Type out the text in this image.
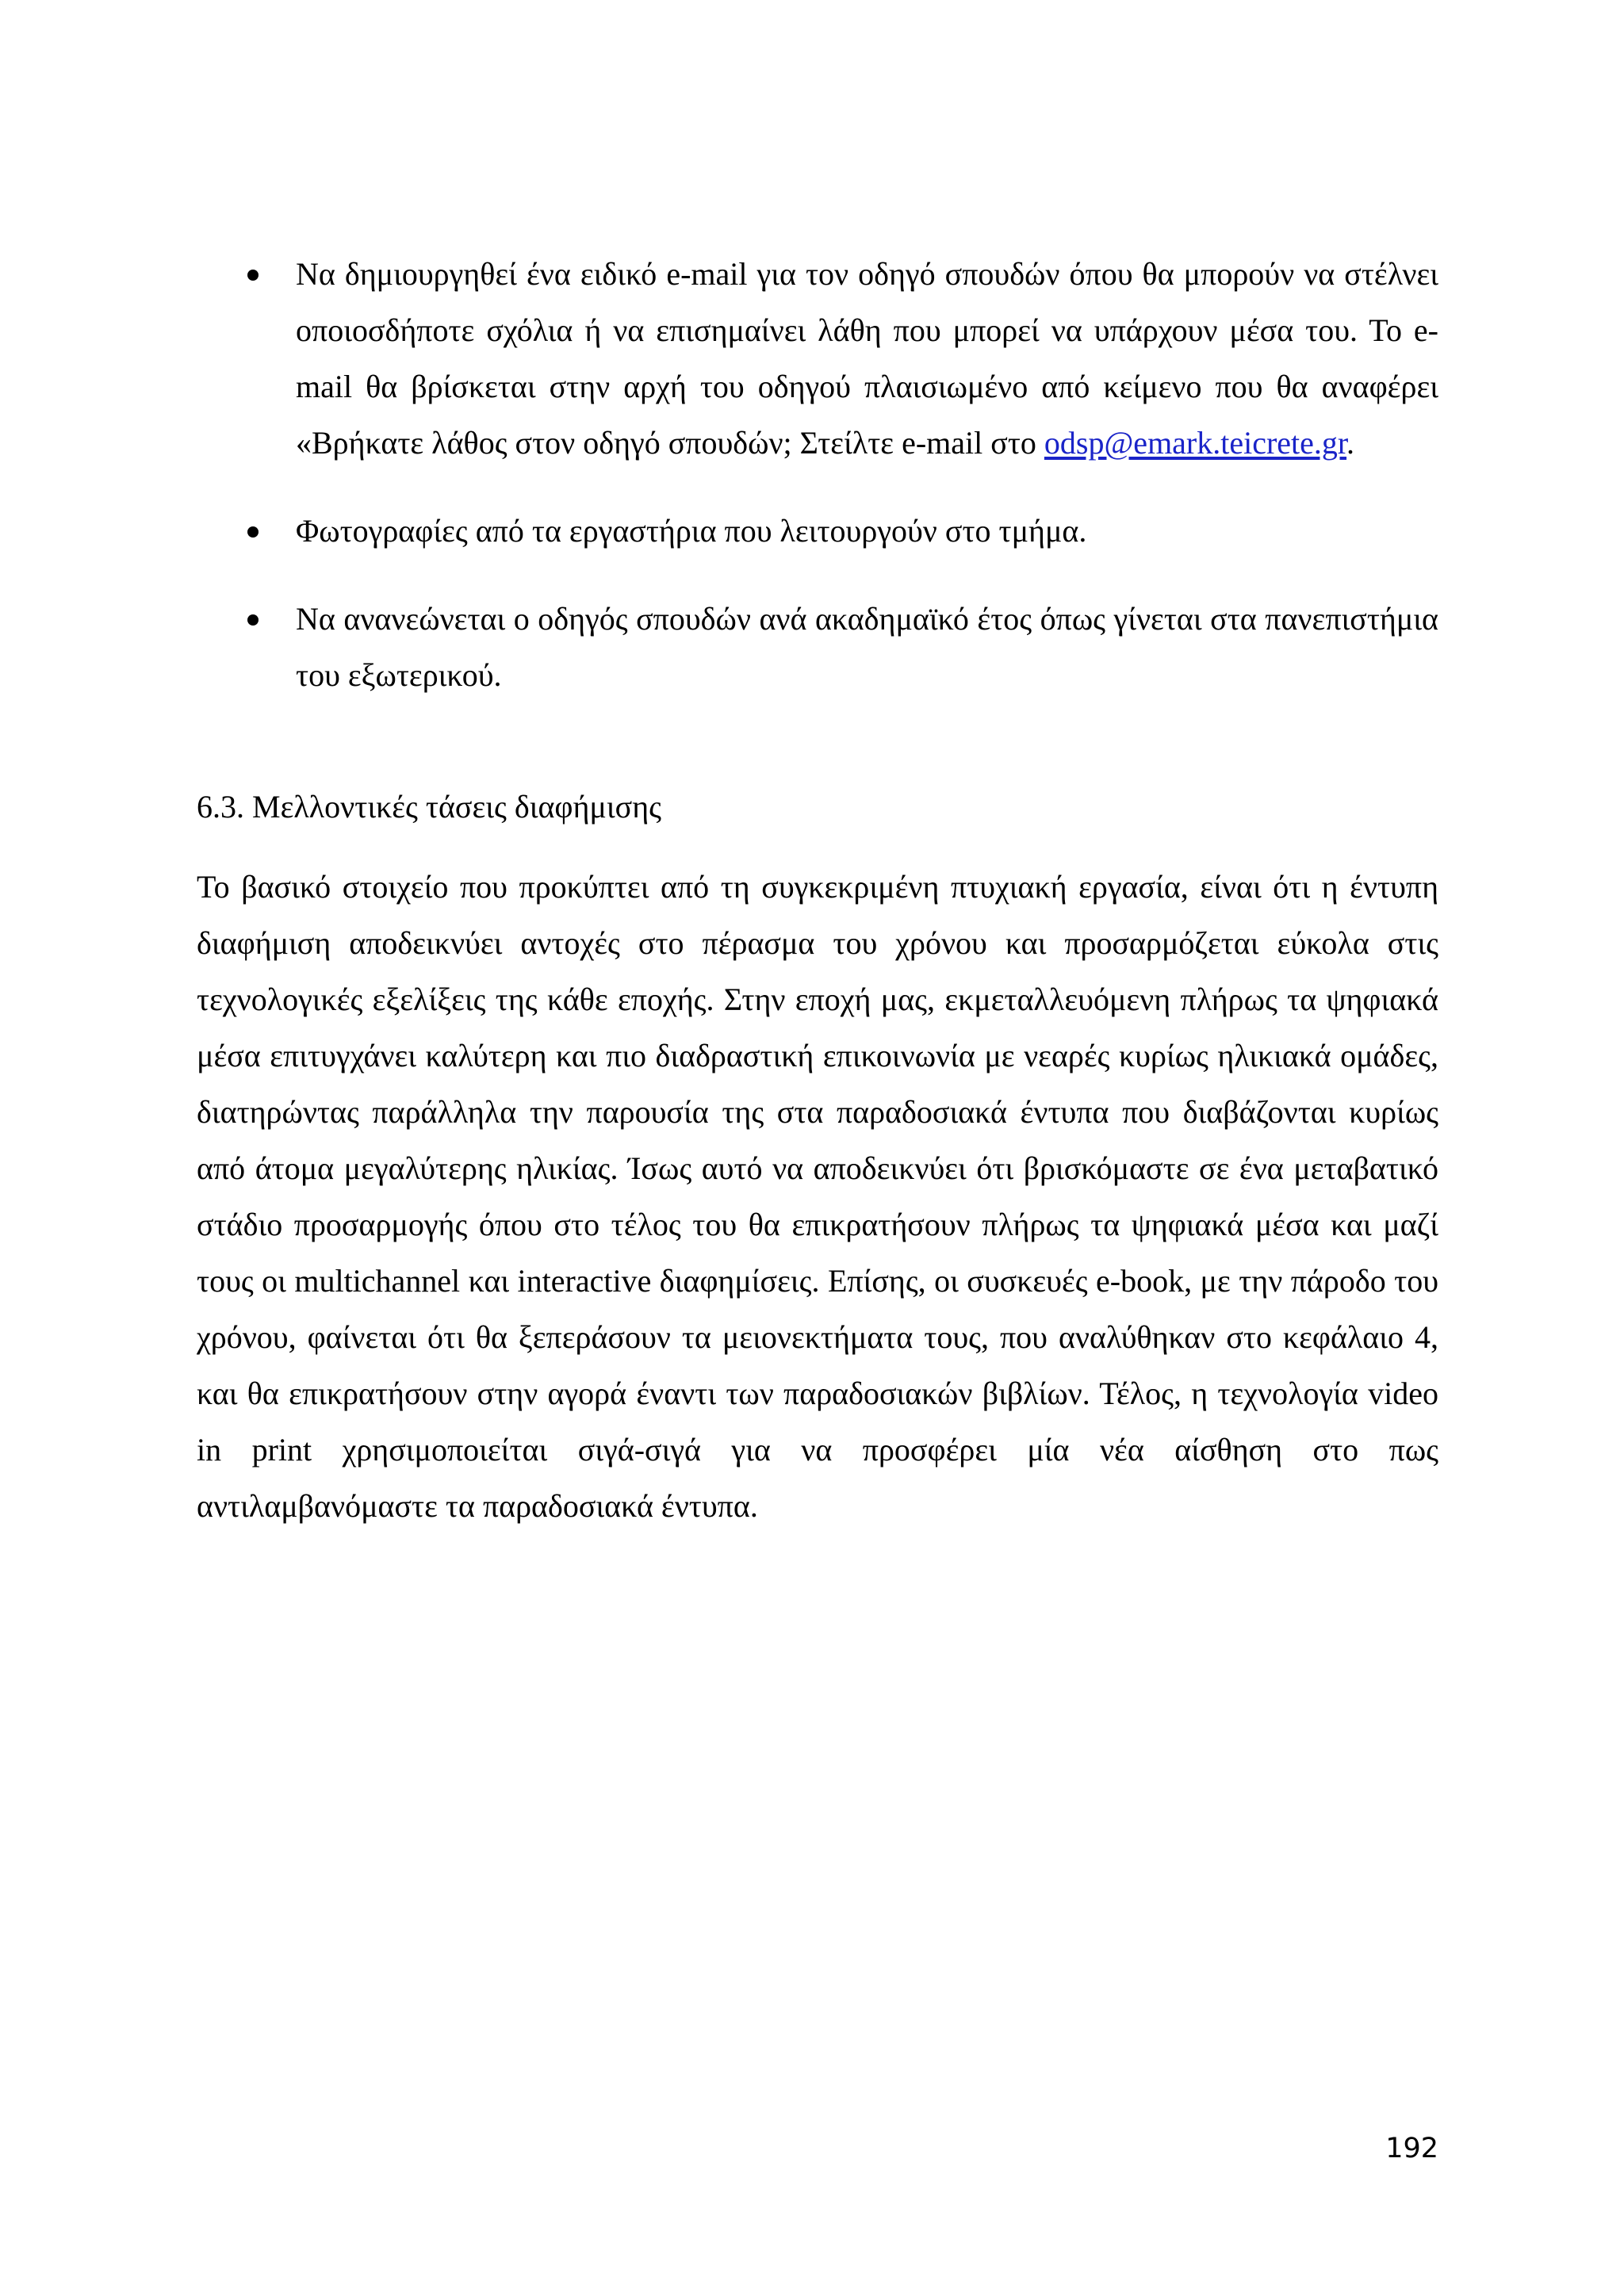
Να δημιουργηθεί ένα ειδικό e-mail για τον οδηγό σπουδών όπου θα μπορούν να στέλνει οποιοσδήποτε σχόλια ή να επισημαίνει λάθη που μπορεί να υπάρχουν μέσα του. Το e-mail θα βρίσκεται στην αρχή του οδηγού πλαισιωμένο από κείμενο που θα αναφέρει «Βρήκατε λάθος στον οδηγό σπουδών; Στείλτε e-mail στο odsp@emark.teicrete.gr.
Φωτογραφίες από τα εργαστήρια που λειτουργούν στο τμήμα.
Να ανανεώνεται ο οδηγός σπουδών ανά ακαδημαϊκό έτος όπως γίνεται στα πανεπιστήμια του εξωτερικού.
6.3. Μελλοντικές τάσεις διαφήμισης

Το βασικό στοιχείο που προκύπτει από τη συγκεκριμένη πτυχιακή εργασία, είναι ότι η έντυπη διαφήμιση αποδεικνύει αντοχές στο πέρασμα του χρόνου και προσαρμόζεται εύκολα στις τεχνολογικές εξελίξεις της κάθε εποχής. Στην εποχή μας, εκμεταλλευόμενη πλήρως τα ψηφιακά μέσα επιτυγχάνει καλύτερη και πιο διαδραστική επικοινωνία με νεαρές κυρίως ηλικιακά ομάδες, διατηρώντας παράλληλα την παρουσία της στα παραδοσιακά έντυπα που διαβάζονται κυρίως από άτομα μεγαλύτερης ηλικίας. Ίσως αυτό να αποδεικνύει ότι βρισκόμαστε σε ένα μεταβατικό στάδιο προσαρμογής όπου στο τέλος του θα επικρατήσουν πλήρως τα ψηφιακά μέσα και μαζί τους οι multichannel και interactive διαφημίσεις. Επίσης, οι συσκευές e-book, με την πάροδο του χρόνου, φαίνεται ότι θα ξεπεράσουν τα μειονεκτήματα τους, που αναλύθηκαν στο κεφάλαιο 4, και θα επικρατήσουν στην αγορά έναντι των παραδοσιακών βιβλίων. Τέλος, η τεχνολογία video in print χρησιμοποιείται σιγά-σιγά για να προσφέρει μία νέα αίσθηση στο πως αντιλαμβανόμαστε τα παραδοσιακά έντυπα.

192
